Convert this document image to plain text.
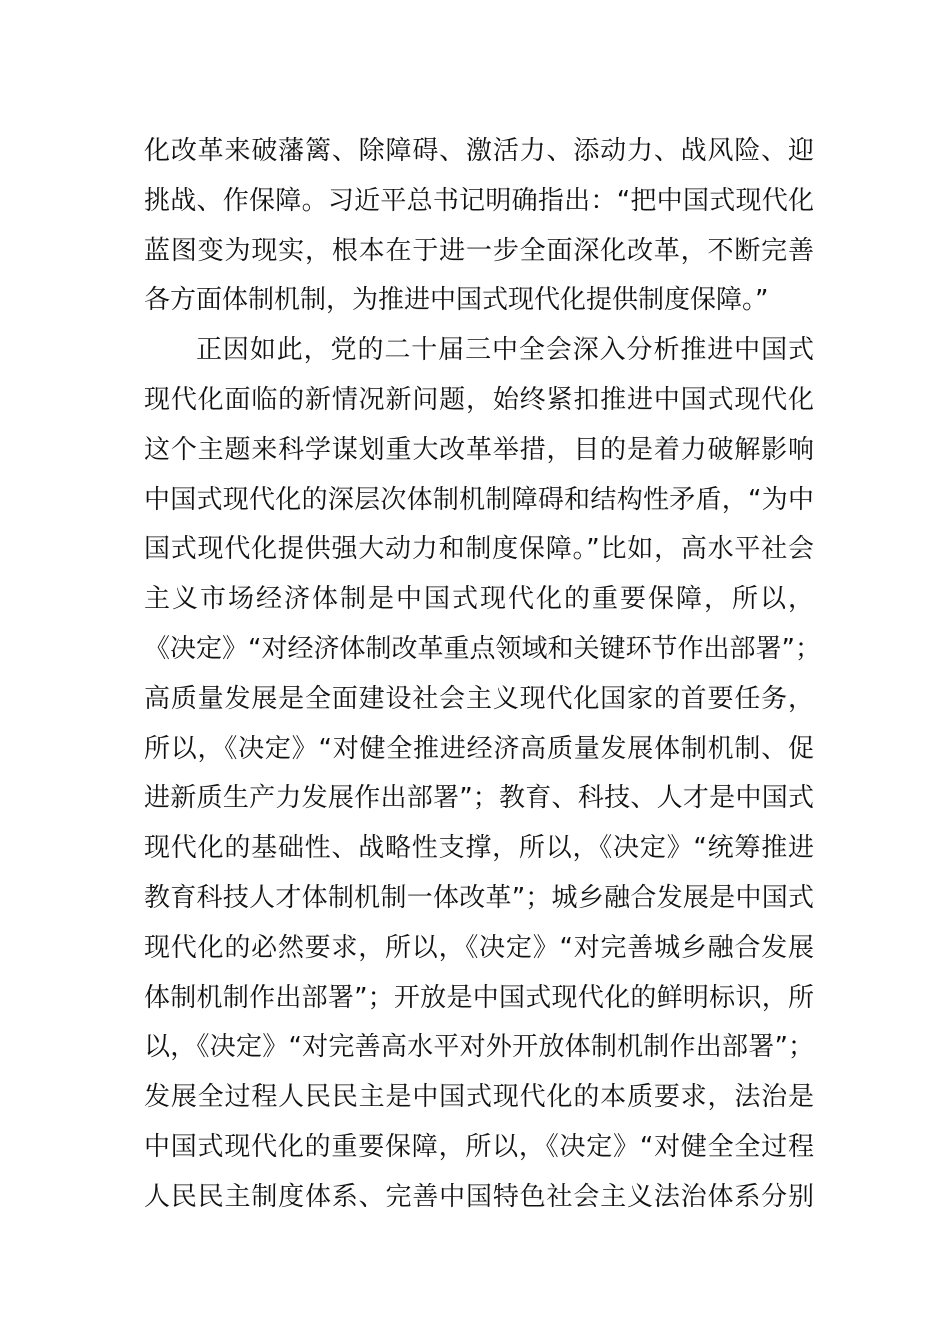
化改革来破藩篱、除障碍、激活力、添动力、战风险、迎
挑战、作保障。习近平总书记明确指出：“把中国式现代化
蓝图变为现实，根本在于进一步全面深化改革，不断完善
各方面体制机制，为推进中国式现代化提供制度保障。”
正因如此，党的二十届三中全会深入分析推进中国式
现代化面临的新情况新问题，始终紧扣推进中国式现代化
这个主题来科学谋划重大改革举措，目的是着力破解影响
中国式现代化的深层次体制机制障碍和结构性矛盾，“为中
国式现代化提供强大动力和制度保障。”比如，高水平社会
主义市场经济体制是中国式现代化的重要保障，所以，
《决定》“对经济体制改革重点领域和关键环节作出部署”；
高质量发展是全面建设社会主义现代化国家的首要任务，
所以，《决定》“对健全推进经济高质量发展体制机制、促
进新质生产力发展作出部署”；教育、科技、人才是中国式
现代化的基础性、战略性支撑，所以，《决定》“统筹推进
教育科技人才体制机制一体改革”；城乡融合发展是中国式
现代化的必然要求，所以，《决定》“对完善城乡融合发展
体制机制作出部署”；开放是中国式现代化的鲜明标识，所
以，《决定》“对完善高水平对外开放体制机制作出部署”；
发展全过程人民民主是中国式现代化的本质要求，法治是
中国式现代化的重要保障，所以，《决定》“对健全全过程
人民民主制度体系、完善中国特色社会主义法治体系分别
